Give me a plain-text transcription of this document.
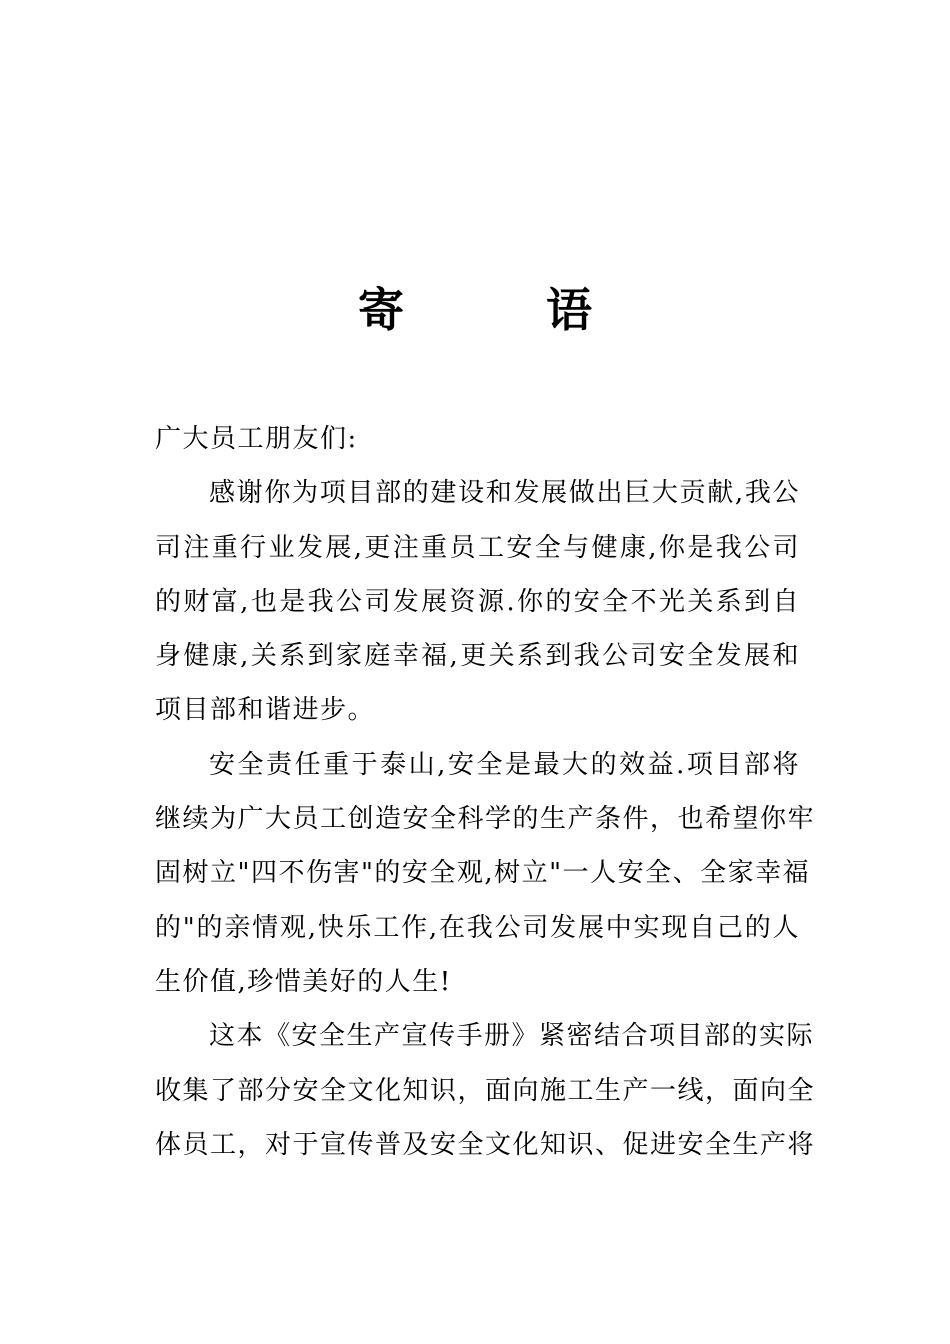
寄　语
广大员工朋友们:
感谢你为项目部的建设和发展做出巨大贡献,我公
司注重行业发展,更注重员工安全与健康,你是我公司
的财富,也是我公司发展资源.你的安全不光关系到自
身健康,关系到家庭幸福,更关系到我公司安全发展和
项目部和谐进步。
安全责任重于泰山,安全是最大的效益.项目部将
继续为广大员工创造安全科学的生产条件，也希望你牢
固树立"四不伤害"的安全观,树立"一人安全、全家幸福
的"的亲情观,快乐工作,在我公司发展中实现自己的人
生价值,珍惜美好的人生!
这本《安全生产宣传手册》紧密结合项目部的实际
收集了部分安全文化知识，面向施工生产一线，面向全
体员工，对于宣传普及安全文化知识、促进安全生产将
